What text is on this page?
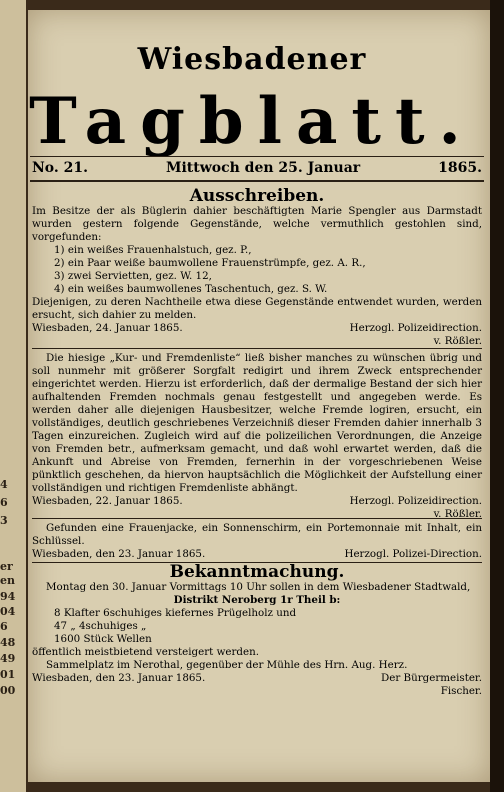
4
6
3
er
en
94
04
6
48
49
01
00
Wiesbadener
Tagblatt.
No. 21.	Mittwoch den 25. Januar	1865.

Ausschreiben.

Im Besitze der als Büglerin dahier beschäftigten Marie Spengler aus Darmstadt wurden gestern folgende Gegenstände, welche vermuthlich gestohlen sind, vorgefunden:

1) ein weißes Frauenhalstuch, gez. P.,

2) ein Paar weiße baumwollene Frauenstrümpfe, gez. A. R.,

3) zwei Servietten, gez. W. 12,

4) ein weißes baumwollenes Taschentuch, gez. S. W.

Diejenigen, zu deren Nachtheile etwa diese Gegenstände entwendet wurden, werden ersucht, sich dahier zu melden.

Wiesbaden, 24. Januar 1865.	Herzogl. Polizeidirection.

v. Rößler.

Die hiesige „Kur- und Fremdenliste“ ließ bisher manches zu wünschen übrig und soll nunmehr mit größerer Sorgfalt redigirt und ihrem Zweck entsprechender eingerichtet werden. Hierzu ist erforderlich, daß der dermalige Bestand der sich hier aufhaltenden Fremden nochmals genau festgestellt und angegeben werde. Es werden daher alle diejenigen Hausbesitzer, welche Fremde logiren, ersucht, ein vollständiges, deutlich geschriebenes Verzeichniß dieser Fremden dahier innerhalb 3 Tagen einzureichen. Zugleich wird auf die polizeilichen Verordnungen, die Anzeige von Fremden betr., aufmerksam gemacht, und daß wohl erwartet werden, daß die Ankunft und Abreise von Fremden, fernerhin in der vorgeschriebenen Weise pünktlich geschehen, da hiervon hauptsächlich die Möglichkeit der Aufstellung einer vollständigen und richtigen Fremdenliste abhängt.

Wiesbaden, 22. Januar 1865.	Herzogl. Polizeidirection.

v. Rößler.

Gefunden eine Frauenjacke, ein Sonnenschirm, ein Portemonnaie mit Inhalt, ein Schlüssel.

Wiesbaden, den 23. Januar 1865.	Herzogl. Polizei-Direction.

Bekanntmachung.

Montag den 30. Januar Vormittags 10 Uhr sollen in dem Wiesbadener Stadtwald,

Distrikt Neroberg 1r Theil b:

8 Klafter 6schuhiges kiefernes Prügelholz und

47 „ 4schuhiges „

1600 Stück Wellen

öffentlich meistbietend versteigert werden.

Sammelplatz im Nerothal, gegenüber der Mühle des Hrn. Aug. Herz.

Wiesbaden, den 23. Januar 1865.	Der Bürgermeister.

Fischer.
